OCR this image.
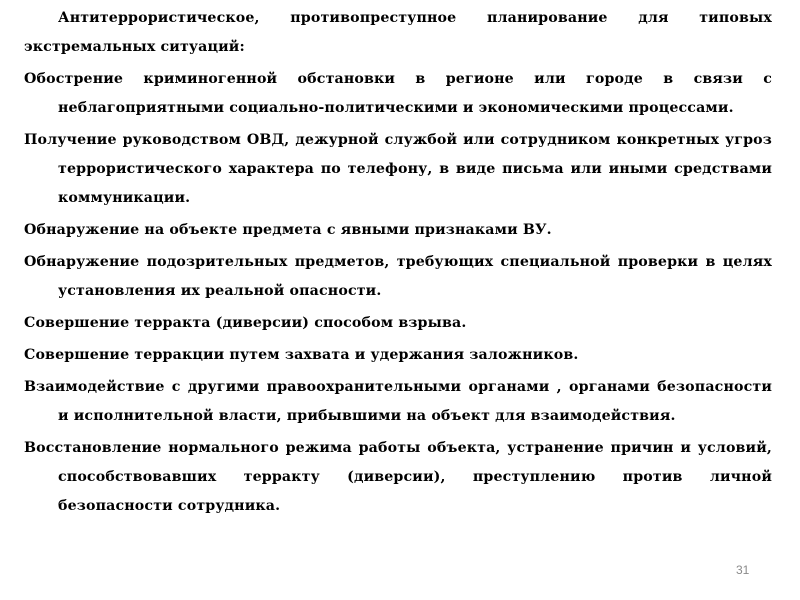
Антитеррористическое, противопреступное планирование для типовых экстремальных ситуаций:

Обострение криминогенной обстановки в регионе или городе в связи с неблагоприятными социально-политическими и экономическими процессами.

Получение руководством ОВД, дежурной службой или сотрудником конкретных угроз террористического характера по телефону, в виде письма или иными средствами коммуникации.

Обнаружение на объекте предмета с явными признаками ВУ.

Обнаружение подозрительных предметов, требующих специальной проверки в целях установления их реальной опасности.

Совершение терракта (диверсии) способом взрыва.

Совершение терракции путем захвата и удержания заложников.

Взаимодействие с другими правоохранительными органами , органами безопасности и исполнительной власти, прибывшими на объект для взаимодействия.

Восстановление нормального режима работы объекта, устранение причин и условий, способствовавших терракту (диверсии), преступлению против личной безопасности сотрудника.

31
